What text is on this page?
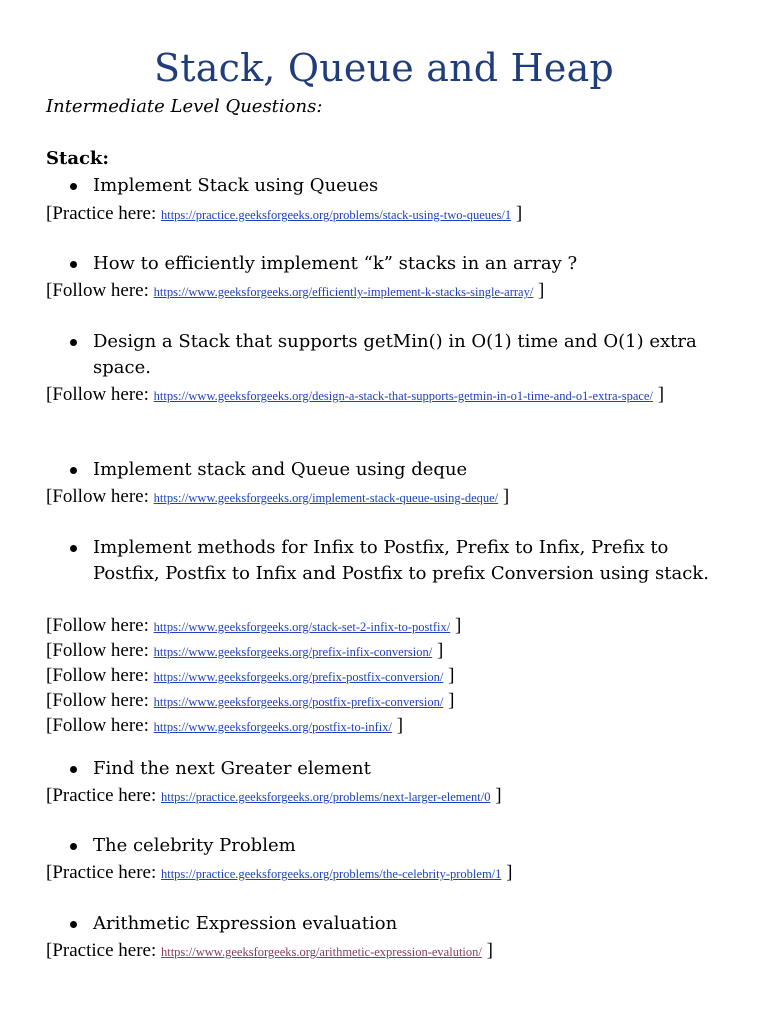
Stack, Queue and Heap
Intermediate Level Questions:
Stack:
Implement Stack using Queues
[Practice here: https://practice.geeksforgeeks.org/problems/stack-using-two-queues/1 ]
How to efficiently implement “k” stacks in an array ?
[Follow here: https://www.geeksforgeeks.org/efficiently-implement-k-stacks-single-array/ ]
Design a Stack that supports getMin() in O(1) time and O(1) extra space.
[Follow here: https://www.geeksforgeeks.org/design-a-stack-that-supports-getmin-in-o1-time-and-o1-extra-space/ ]
Implement stack and Queue using deque
[Follow here: https://www.geeksforgeeks.org/implement-stack-queue-using-deque/ ]
Implement methods for Infix to Postfix, Prefix to Infix, Prefix to Postfix, Postfix to Infix and Postfix to prefix Conversion using stack.
[Follow here: https://www.geeksforgeeks.org/stack-set-2-infix-to-postfix/ ]
[Follow here: https://www.geeksforgeeks.org/prefix-infix-conversion/ ]
[Follow here: https://www.geeksforgeeks.org/prefix-postfix-conversion/ ]
[Follow here: https://www.geeksforgeeks.org/postfix-prefix-conversion/ ]
[Follow here: https://www.geeksforgeeks.org/postfix-to-infix/ ]
Find the next Greater element
[Practice here: https://practice.geeksforgeeks.org/problems/next-larger-element/0 ]
The celebrity Problem
[Practice here: https://practice.geeksforgeeks.org/problems/the-celebrity-problem/1 ]
Arithmetic Expression evaluation
[Practice here: https://www.geeksforgeeks.org/arithmetic-expression-evalution/ ]
